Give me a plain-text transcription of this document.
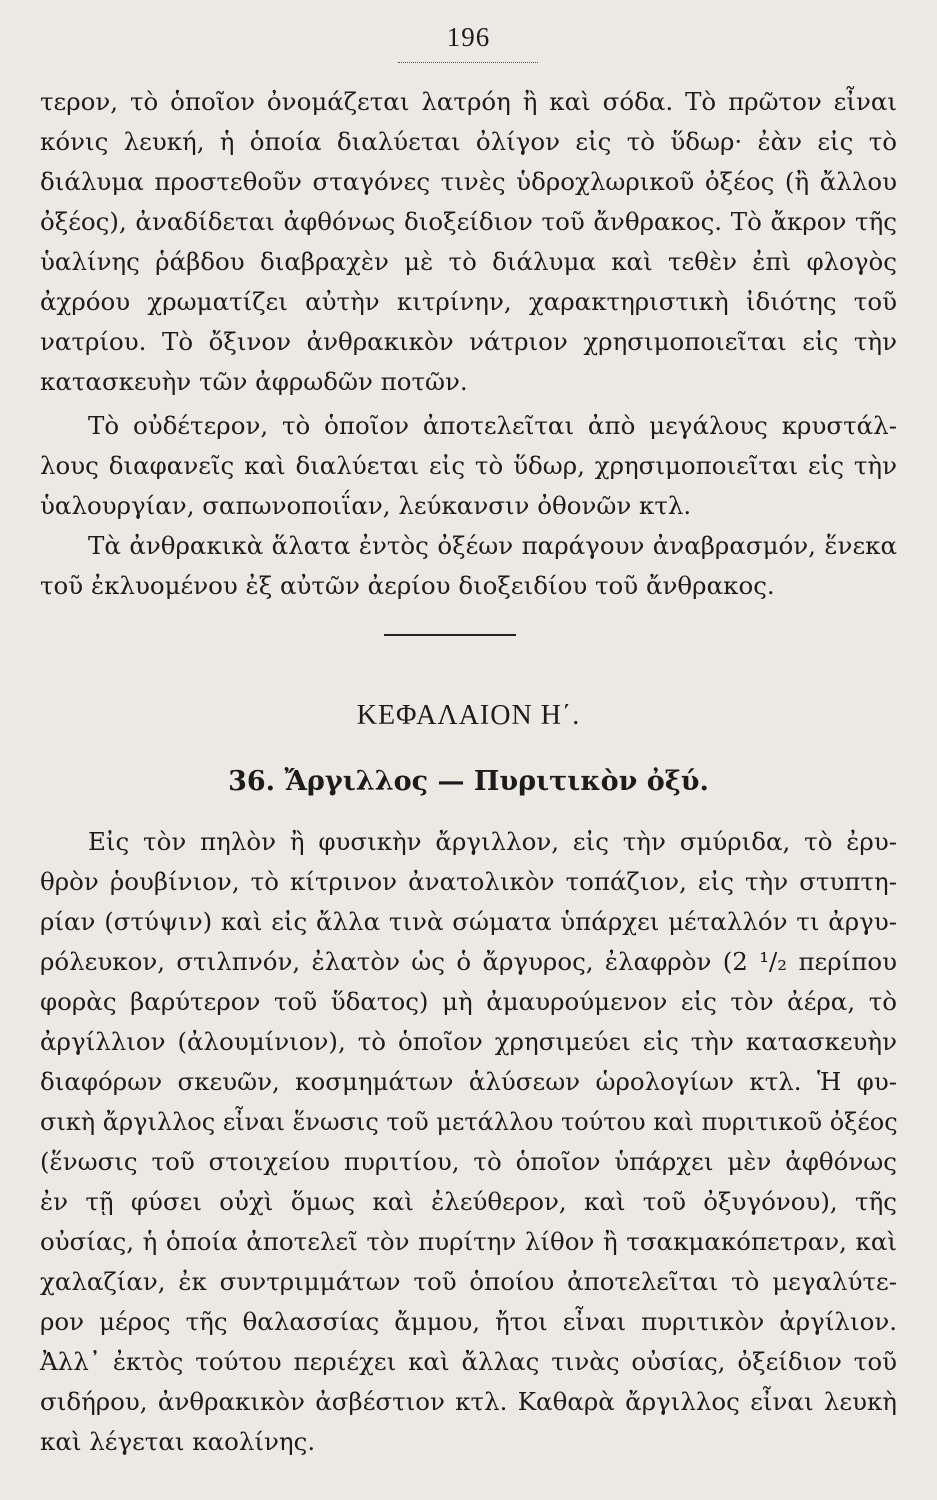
196
τερον, τὸ ὁποῖον ὀνομάζεται λατρόη ἢ καὶ σόδα. Τὸ πρῶτον εἶναι
κόνις λευκή, ἡ ὁποία διαλύεται ὀλίγον εἰς τὸ ὕδωρ· ἐὰν εἰς τὸ
διάλυμα προστεθοῦν σταγόνες τινὲς ὑδροχλωρικοῦ ὀξέος (ἢ ἄλλου
ὀξέος), ἀναδίδεται ἀφθόνως διοξείδιον τοῦ ἄνθρακος. Τὸ ἄκρον τῆς
ὑαλίνης ῥάβδου διαβραχὲν μὲ τὸ διάλυμα καὶ τεθὲν ἐπὶ φλογὸς
ἀχρόου χρωματίζει αὐτὴν κιτρίνην, χαρακτηριστικὴ ἰδιότης τοῦ
νατρίου. Τὸ ὄξινον ἀνθρακικὸν νάτριον χρησιμοποιεῖται εἰς τὴν
κατασκευὴν τῶν ἀφρωδῶν ποτῶν.
Τὸ οὐδέτερον, τὸ ὁποῖον ἀποτελεῖται ἀπὸ μεγάλους κρυστάλ-
λους διαφανεῖς καὶ διαλύεται εἰς τὸ ὕδωρ, χρησιμοποιεῖται εἰς τὴν
ὑαλουργίαν, σαπωνοποιΐαν, λεύκανσιν ὀθονῶν κτλ.
Τὰ ἀνθρακικὰ ἅλατα ἐντὸς ὀξέων παράγουν ἀναβρασμόν, ἕνεκα
τοῦ ἐκλυομένου ἐξ αὐτῶν ἀερίου διοξειδίου τοῦ ἄνθρακος.
ΚΕΦΑΛΑΙΟΝ Η΄.
36. Ἄργιλλος — Πυριτικὸν ὀξύ.
Εἰς τὸν πηλὸν ἢ φυσικὴν ἄργιλλον, εἰς τὴν σμύριδα, τὸ ἐρυ-
θρὸν ῥουβίνιον, τὸ κίτρινον ἀνατολικὸν τοπάζιον, εἰς τὴν στυπτη-
ρίαν (στύψιν) καὶ εἰς ἄλλα τινὰ σώματα ὑπάρχει μέταλλόν τι ἀργυ-
ρόλευκον, στιλπνόν, ἐλατὸν ὡς ὁ ἄργυρος, ἐλαφρὸν (2 ¹/₂ περίπου
φορὰς βαρύτερον τοῦ ὕδατος) μὴ ἀμαυρούμενον εἰς τὸν ἀέρα, τὸ
ἀργίλλιον (ἀλουμίνιον), τὸ ὁποῖον χρησιμεύει εἰς τὴν κατασκευὴν
διαφόρων σκευῶν, κοσμημάτων ἁλύσεων ὡρολογίων κτλ. Ἡ φυ-
σικὴ ἄργιλλος εἶναι ἕνωσις τοῦ μετάλλου τούτου καὶ πυριτικοῦ ὀξέος
(ἕνωσις τοῦ στοιχείου πυριτίου, τὸ ὁποῖον ὑπάρχει μὲν ἀφθόνως
ἐν τῇ φύσει οὐχὶ ὅμως καὶ ἐλεύθερον, καὶ τοῦ ὀξυγόνου), τῆς
οὐσίας, ἡ ὁποία ἀποτελεῖ τὸν πυρίτην λίθον ἢ τσακμακόπετραν, καὶ
χαλαζίαν, ἐκ συντριμμάτων τοῦ ὁποίου ἀποτελεῖται τὸ μεγαλύτε-
ρον μέρος τῆς θαλασσίας ἄμμου, ἤτοι εἶναι πυριτικὸν ἀργίλιον.
Ἀλλ᾽ ἐκτὸς τούτου περιέχει καὶ ἄλλας τινὰς οὐσίας, ὀξείδιον τοῦ
σιδήρου, ἀνθρακικὸν ἀσβέστιον κτλ. Καθαρὰ ἄργιλλος εἶναι λευκὴ
καὶ λέγεται καολίνης.
